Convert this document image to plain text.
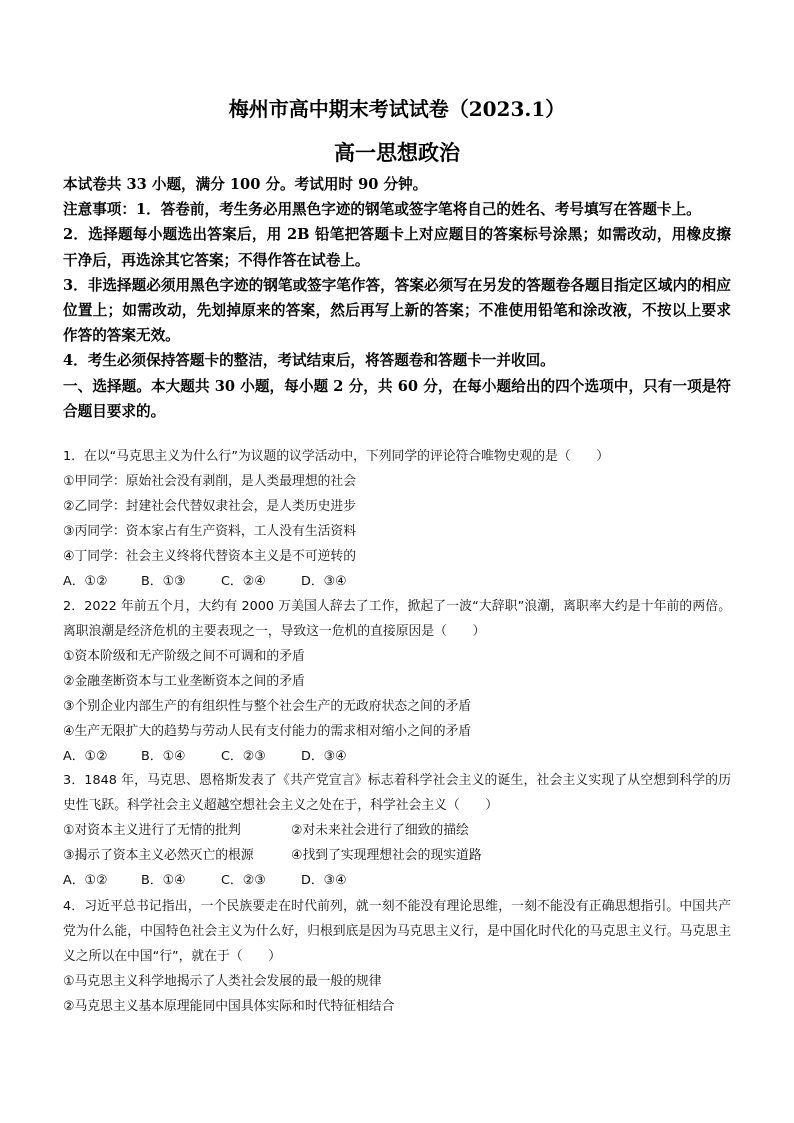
梅州市高中期末考试试卷（2023.1）
高一思想政治
本试卷共 33 小题，满分 100 分。考试用时 90 分钟。
注意事项：1．答卷前，考生务必用黑色字迹的钢笔或签字笔将自己的姓名、考号填写在答题卡上。
2．选择题每小题选出答案后，用 2B 铅笔把答题卡上对应题目的答案标号涂黑；如需改动，用橡皮擦干净后，再选涂其它答案；不得作答在试卷上。
3．非选择题必须用黑色字迹的钢笔或签字笔作答，答案必须写在另发的答题卷各题目指定区域内的相应位置上；如需改动，先划掉原来的答案，然后再写上新的答案；不准使用铅笔和涂改液，不按以上要求作答的答案无效。
4．考生必须保持答题卡的整洁，考试结束后，将答题卷和答题卡一并收回。
一、选择题。本大题共 30 小题，每小题 2 分，共 60 分，在每小题给出的四个选项中，只有一项是符合题目要求的。
1．在以“马克思主义为什么行”为议题的议学活动中，下列同学的评论符合唯物史观的是（　　）
①甲同学：原始社会没有剥削，是人类最理想的社会
②乙同学：封建社会代替奴隶社会，是人类历史进步
③丙同学：资本家占有生产资料，工人没有生活资料
④丁同学：社会主义终将代替资本主义是不可逆转的
A．①②	B．①③	C．②④	D．③④
2．2022 年前五个月，大约有 2000 万美国人辞去了工作，掀起了一波“大辞职”浪潮，离职率大约是十年前的两倍。离职浪潮是经济危机的主要表现之一，导致这一危机的直接原因是（　　）
①资本阶级和无产阶级之间不可调和的矛盾
②金融垄断资本与工业垄断资本之间的矛盾
③个别企业内部生产的有组织性与整个社会生产的无政府状态之间的矛盾
④生产无限扩大的趋势与劳动人民有支付能力的需求相对缩小之间的矛盾
A．①②	B．①④	C．②③	D．③④
3．1848 年，马克思、恩格斯发表了《共产党宣言》标志着科学社会主义的诞生，社会主义实现了从空想到科学的历史性飞跃。科学社会主义超越空想社会主义之处在于，科学社会主义（　　）
①对资本主义进行了无情的批判	②对未来社会进行了细致的描绘
③揭示了资本主义必然灭亡的根源	④找到了实现理想社会的现实道路
A．①②	B．①④	C．②③	D．③④
4．习近平总书记指出，一个民族要走在时代前列，就一刻不能没有理论思维，一刻不能没有正确思想指引。中国共产党为什么能，中国特色社会主义为什么好，归根到底是因为马克思主义行，是中国化时代化的马克思主义行。马克思主义之所以在中国“行”，就在于（　　）
①马克思主义科学地揭示了人类社会发展的最一般的规律
②马克思主义基本原理能同中国具体实际和时代特征相结合
